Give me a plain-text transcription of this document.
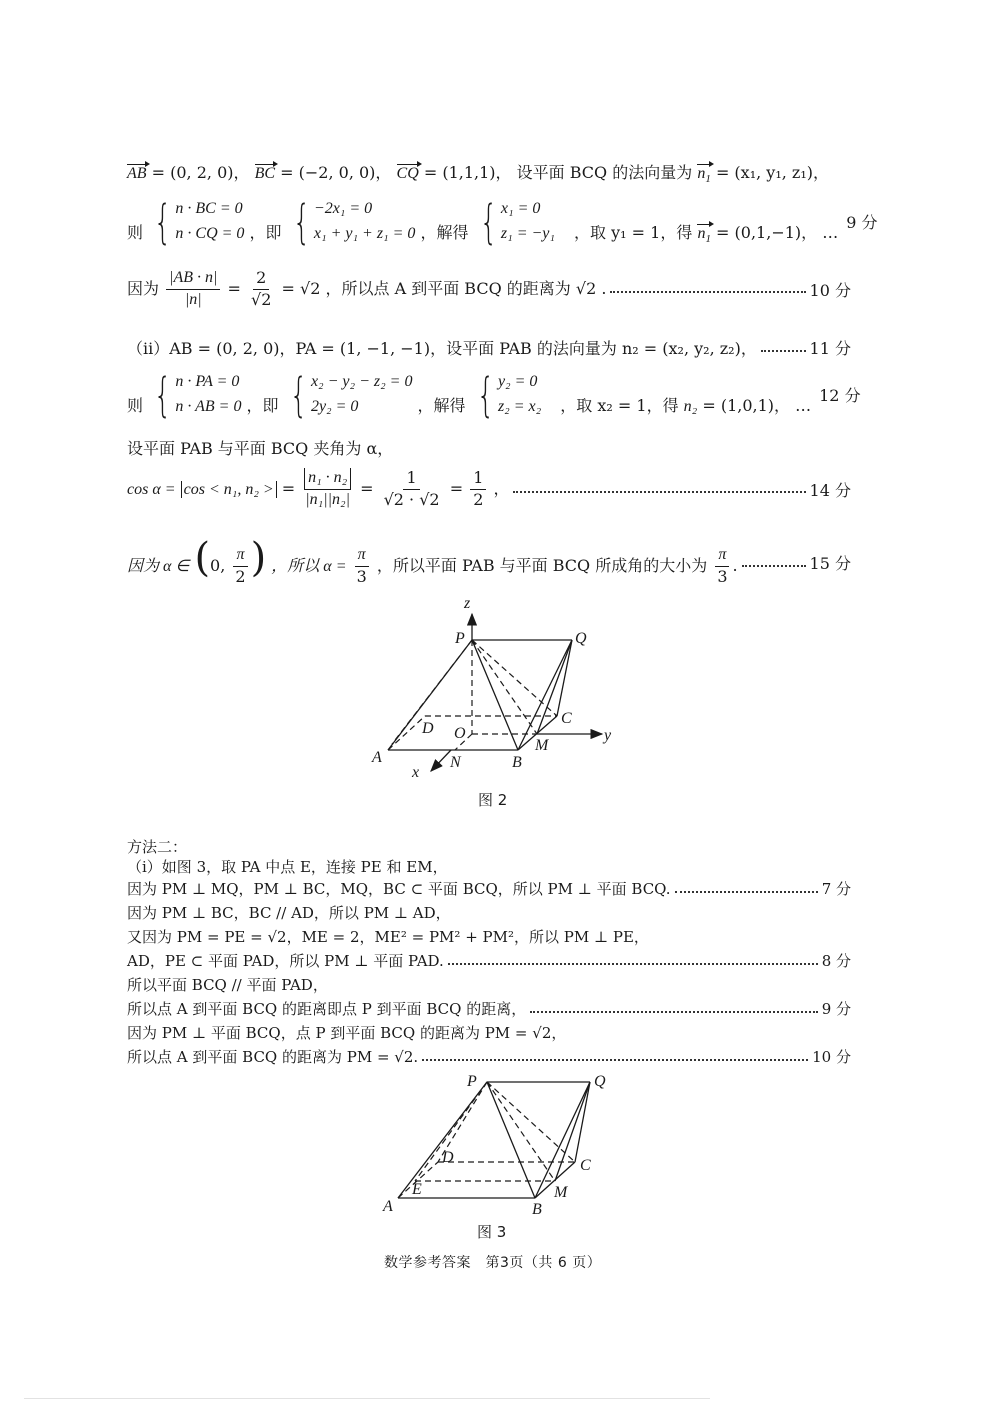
AB = (0, 2, 0)， BC = (−2, 0, 0)， CQ = (1,1,1)， 设平面 BCQ 的法向量为 $n_1 = (x_1$, y₁, z₁)，
则 { n · BC = 0
n · CQ = 0 ，即 { −2x₁ = 0
x₁ + y₁ + z₁ = 0 ，解得 { x₁ = 0
z₁ = −y₁ ，取 y₁ = 1，得 $n_1 = (0,1,-1)$， … 9 分
因为 $\frac{|AB \cdot n|}{|n|} = \frac{2}{√2} = √2$ ，所以点 A 到平面 BCQ 的距离为 √2 .	10 分
（ii）AB = (0, 2, 0)，PA = (1, −1, −1)，设平面 PAB 的法向量为 n₂ = (x₂, y₂, z₂)，	11 分
则 { n · PA = 0
n · AB = 0 ，即 { x₂ − y₂ − z₂ = 0
2y₂ = 0	，解得 { y₂ = 0
z₂ = x₂ ，取 x₂ = 1，得 n₂ = (1,0,1)， … 12 分
设平面 PAB 与平面 BCQ 夹角为 α，
cos α = cos < n₁, n₂ > = $\frac{\text{n₁ · n₂}}{\text{|n₁||n₂|}} = \frac{1}{√2 \cdot √2} = \frac{1}{2}$ ，	14 分
因为 α ∈ (0, $\frac{\pi}{2}$ ) ，所以 $\alpha = \frac{\pi}{3}$ ，所以平面 PAB 与平面 BCQ 所成角的大小为 $\frac{\pi}{3}$ .	15 分
z
P	Q
C
y
D O
M
A	B
N
x
图 2
方法二：
（i）如图 3，取 PA 中点 E，连接 PE 和 EM，
因为 PM ⊥ MQ，PM ⊥ BC，MQ，BC ⊂ 平面 BCQ，所以 PM ⊥ 平面 BCQ.	7 分
因为 PM ⊥ BC，BC // AD，所以 PM ⊥ AD，
又因为 PM = PE = √2，ME = 2，ME² = PM² + PM²，所以 PM ⊥ PE，
AD，PE ⊂ 平面 PAD，所以 PM ⊥ 平面 PAD.	8 分
所以平面 BCQ // 平面 PAD，
所以点 A 到平面 BCQ 的距离即点 P 到平面 BCQ 的距离，	9 分
因为 PM ⊥ 平面 BCQ，点 P 到平面 BCQ 的距离为 PM = √2，
所以点 A 到平面 BCQ 的距离为 PM = √2.	10 分
P	Q
D	C
E	M
A	B
图 3
数学参考答案　第3页（共 6 页）
